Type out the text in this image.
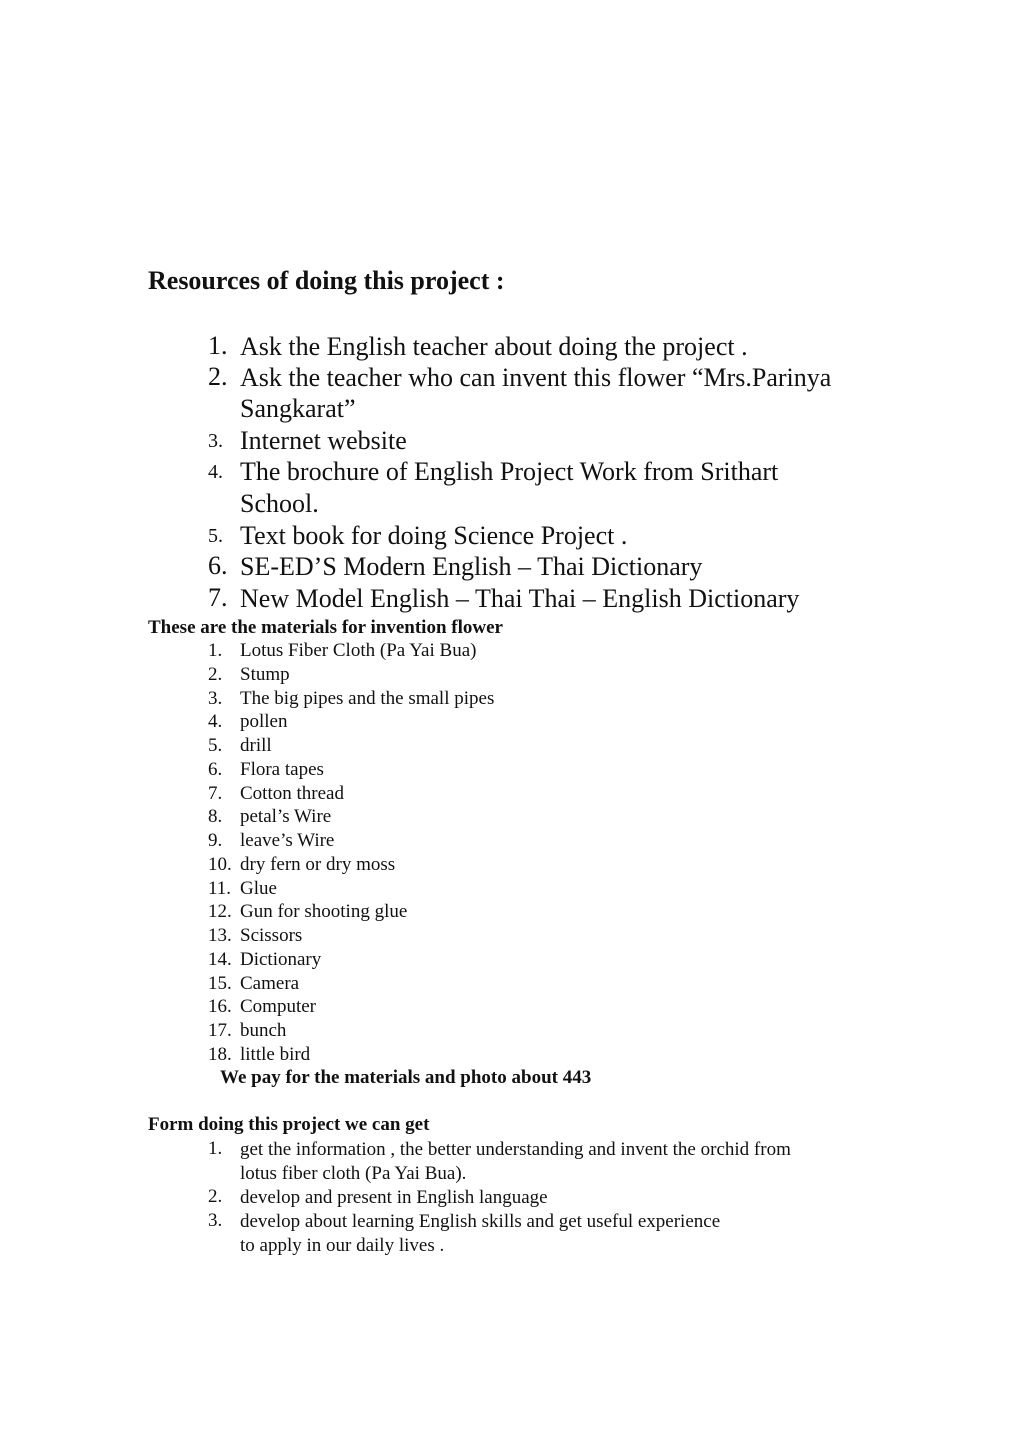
Resources of doing this project :
1. Ask the English teacher about doing the project .
2. Ask the teacher who can invent this flower “Mrs.Parinya
Sangkarat”
3. Internet website
4. The brochure of English Project Work from Srithart
School.
5. Text book for doing Science Project .
6. SE-ED’S Modern English – Thai Dictionary
7. New Model English – Thai Thai – English Dictionary
These are the materials for invention flower
1. Lotus Fiber Cloth (Pa Yai Bua)
2. Stump
3. The big pipes and the small pipes
4. pollen
5. drill
6. Flora tapes
7. Cotton thread
8. petal’s Wire
9. leave’s Wire
10. dry fern or dry moss
11. Glue
12. Gun for shooting glue
13. Scissors
14. Dictionary
15. Camera
16. Computer
17. bunch
18. little bird
We pay for the materials and photo about 443
Form doing this project we can get
1. get the information , the better understanding and invent the orchid from
lotus fiber cloth (Pa Yai Bua).
2. develop and present in English language
3. develop about learning English skills and get useful experience
to apply in our daily lives .
